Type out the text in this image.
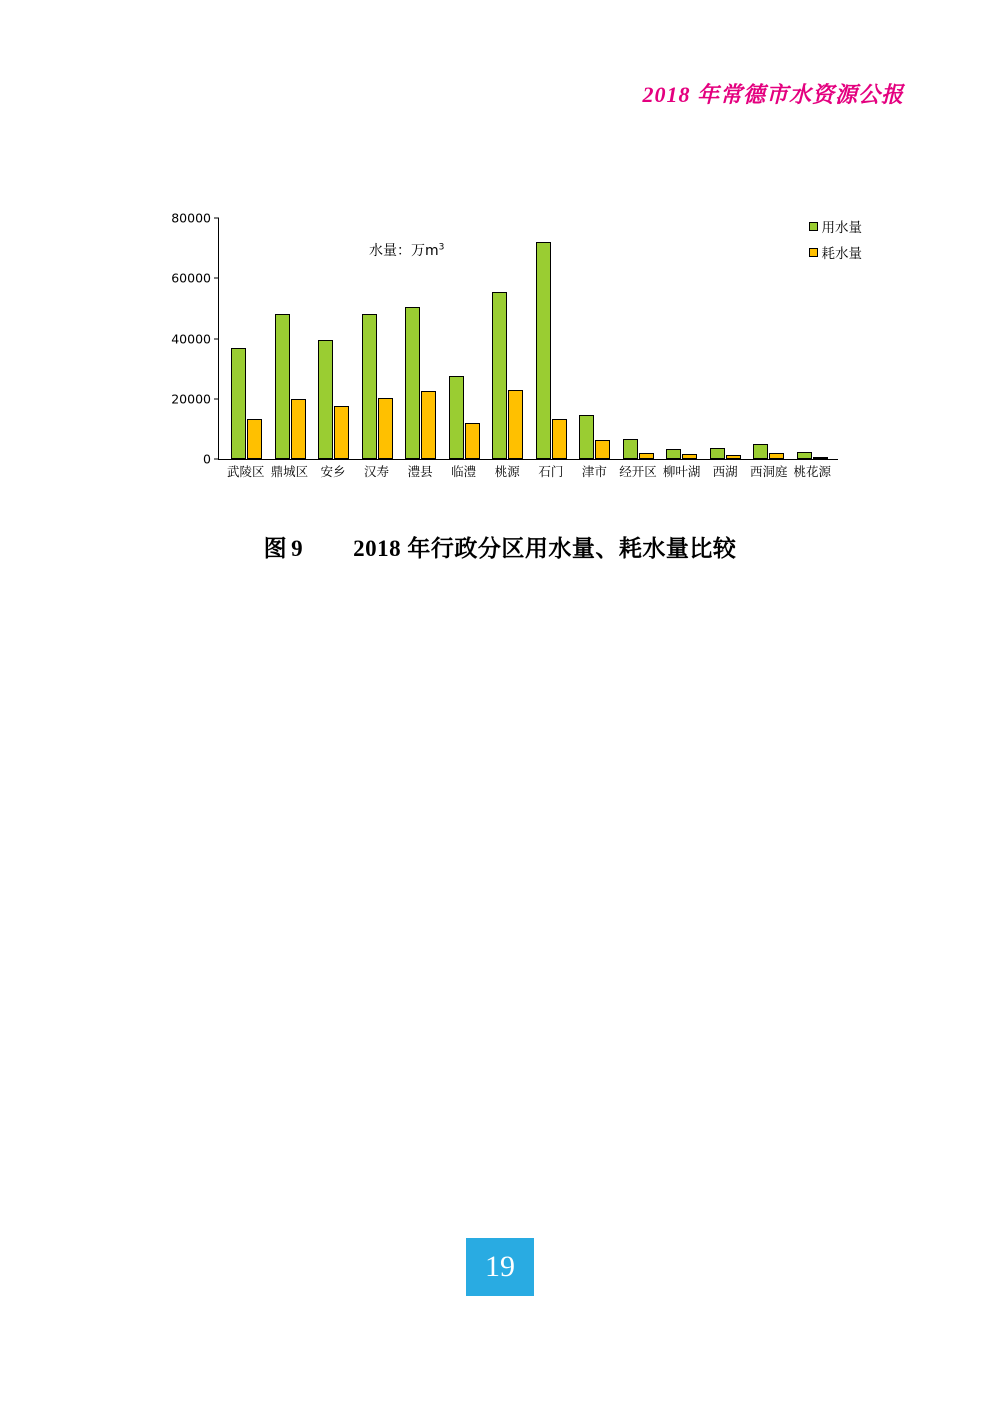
2018 年常德市水资源公报
用水量
耗水量
水量：万$m^3$
0
20000
40000
60000
80000
武陵区 鼎城区 安乡	汉寿	澧县	临澧	桃源	石门	津市 经开区 柳叶湖 西湖 西洞庭 桃花源
图 9 2018 年行政分区用水量、耗水量比较
19
